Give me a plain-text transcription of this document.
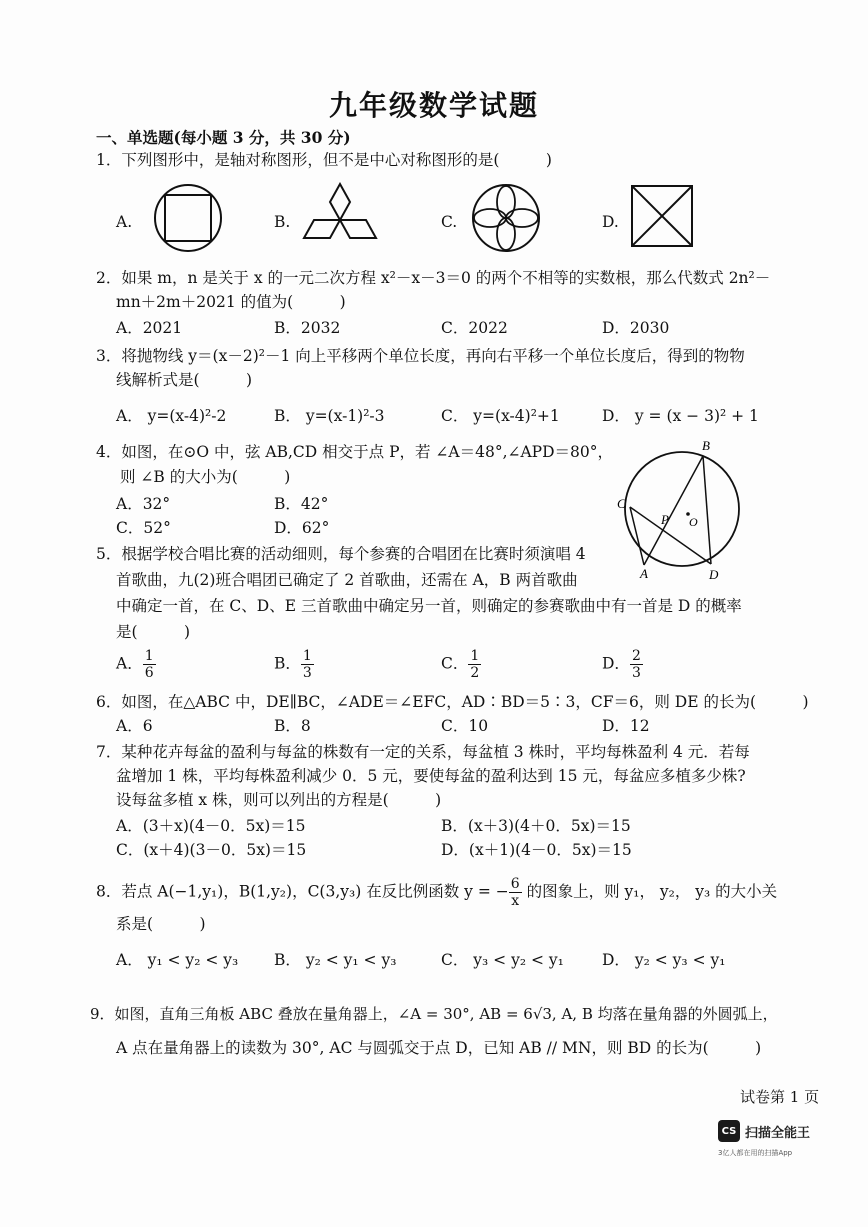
九年级数学试题
一、单选题(每小题 3 分，共 30 分)
1．下列图形中，是轴对称图形，但不是中心对称图形的是(　　　)
A.	B.	C.	D.
2．如果 m，n 是关于 x 的一元二次方程 x²－x－3＝0 的两个不相等的实数根，那么代数式 2n²－
mn＋2m＋2021 的值为(　　　)
A．2021	B．2032	C．2022	D．2030
3．将抛物线 y＝(x－2)²－1 向上平移两个单位长度，再向右平移一个单位长度后，得到的物物
线解析式是(　　　)
A． y=(x-4)²-2	B． y=(x-1)²-3	C． y=(x-4)²+1	D． y = (x − 3)² + 1
4．如图，在⊙O 中，弦 AB,CD 相交于点 P，若 ∠A＝48°,∠APD＝80°，
则 ∠B 的大小为(　　　)
A．32°	B．42°
C．52°	D．62°
B
C
P O
A	D
5．根据学校合唱比赛的活动细则，每个参赛的合唱团在比赛时须演唱 4
首歌曲，九(2)班合唱团已确定了 2 首歌曲，还需在 A，B 两首歌曲
中确定一首，在 C、D、E 三首歌曲中确定另一首，则确定的参赛歌曲中有一首是 D 的概率
是(　　　)
A． $\frac{1}{6}$	B． $\frac{1}{3}$	C． $\frac{1}{2}$	D． $\frac{2}{3}$
6．如图，在△ABC 中，DE∥BC，∠ADE＝∠EFC，AD∶BD＝5∶3，CF＝6，则 DE 的长为(　　　)
A．6	B．8	C．10	D．12
7．某种花卉每盆的盈利与每盆的株数有一定的关系，每盆植 3 株时，平均每株盈利 4 元．若每
盆增加 1 株，平均每株盈利减少 0．5 元，要使每盆的盈利达到 15 元，每盆应多植多少株?
设每盆多植 x 株，则可以列出的方程是(　　　)
A．(3＋x)(4－0．5x)＝15	B．(x＋3)(4＋0．5x)＝15
C．(x＋4)(3－0．5x)＝15	D．(x＋1)(4－0．5x)＝15
8．若点 A(−1,y₁)，B(1,y₂)，C(3,y₃) 在反比例函数 y = − $\frac{6}{x}$ 的图象上，则 y₁， y₂， y₃ 的大小关
系是(　　　)
A． y₁ < y₂ < y₃ B． y₂ < y₁ < y₃	C． y₃ < y₂ < y₁ D． y₂ < y₃ < y₁
9．如图，直角三角板 ABC 叠放在量角器上，∠A = 30°, AB = 6√3, A, B 均落在量角器的外圆弧上，
A 点在量角器上的读数为 30°, AC 与圆弧交于点 D，已知 AB // MN，则 BD 的长为(　　　)
试卷第 1 页
CS 扫描全能王
3亿人都在用的扫描App
